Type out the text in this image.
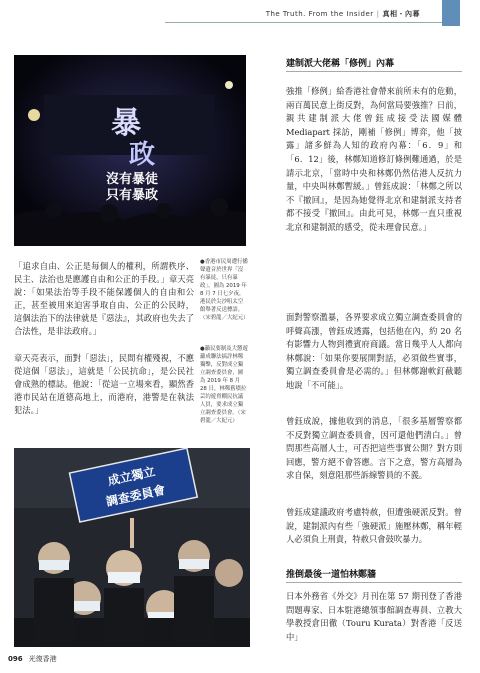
The Truth. From the Insider | 真相・內幕
暴
政
沒有暴徒
只有暴政
●香港市民周遭行播聲遺音於世界「沒有暴徒，只有暴政」。圖為 2019 年 8 月 7 日七夕夜，港民於尖沙咀太空館舉著反送標語。（宋碧龍／大紀元）
●籲民要制及大懲遊籲成聯法搞評林鄭獨擊，反對成立獨立調查委員會，圖為 2019 年 8 月 28 日，林鄭舊墳拉芸約遊脅棚民抗議人員，要求成立獨立調查委員會。（宋碧龍／大紀元）
「追求自由、公正是每個人的權利，所謂秩序、民主、法治也是應護自由和公正的手段。」章天亮說：「如果法治等手段不能保護個人的自由和公正，甚至被用來迫害爭取自由、公正的公民時，這個法治下的法律就是『惡法』，其政府也失去了合法性，是非法政府。」
章天亮表示，面對「惡法」，民間有權殘視，不應從這個「惡法」，這就是「公民抗命」，是公民社會成熟的標誌。他說：「從這一立場來看，顯然香港市民站在道德高地上，而港府，港警是在執法犯法。」
成立獨立
調查委員會
建制派大佬稱「修例」內幕
強推「修例」給香港社會帶來前所未有的危動，兩百萬民意上街反對，為何當局要強推？日前，親共建制派大佬曾鈺成接受法國媒體 Mediapart 採訪，剛補「修例」博弈，他「披露」諸多鮮為人知的政府內幕：「6．9」和「6．12」後，林鄭知道修訂條例難通過，於是請示北京，「當時中央和林鄭仍然估港人反抗力量，中央叫林鄭暫緩。」曾鈺成說：「林鄭之所以不『撤回』，是因為她覺得北京和建制派支持者都不接受『撤回』。由此可見，林鄭一直只重視北京和建制派的感受，從未理會民意。」
面對警察濫暴，各界要求成立獨立調查委員會的呼聲高漲，曾鈺成透露，包括他在內，約 20 名有影響力人物到禮賓府商議。當日幾乎人人都向林鄭說：「如果你要展開對話，必須做些實事，獨立調查委員會是必需的。」但林鄭謝軟釘截聽地說「不可能」。
曾鈺成說，據他收到的消息，「很多基層警察都不反對獨立調查委員會，因可還他們清白。」曾問那些高層人士，可否把這些事實公開？對方則回應，警方絕不會答應。言下之意，警方高層為求自保，刻意阻那些訴線警員的不義。
曾鈺成建議政府考慮特赦，但遭強硬派反對。曾說，建制派內有些「強硬派」施壓林鄭，稱年輕人必須負上刑責，特赦只會鼓吹暴力。
推倒最後一道怕林鄭牆
日本外務省《外交》月刊在第 57 期刊登了香港問題專家、日本駐港總領事館調查專員、立教大學教授倉田徹（Touru Kurata）對香港「反送中」
096 光復香港
